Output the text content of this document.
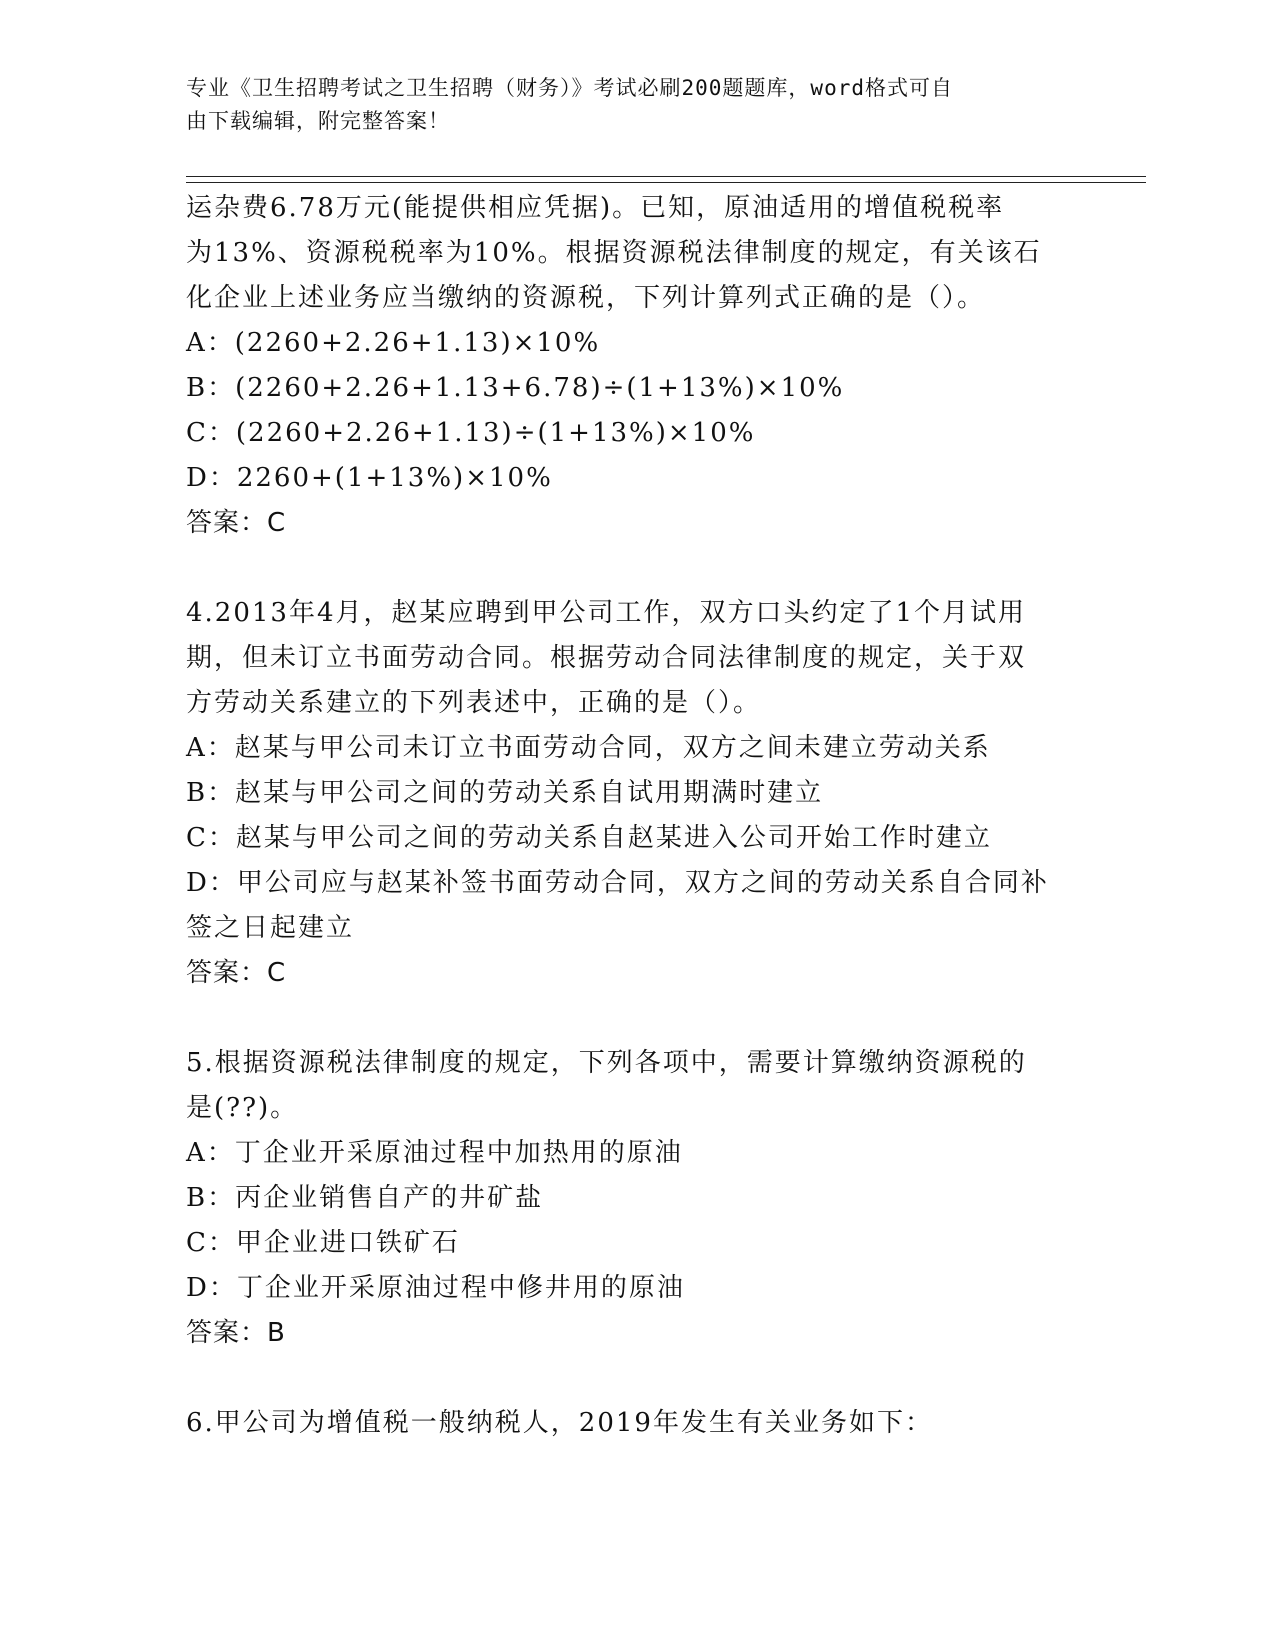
专业《卫生招聘考试之卫生招聘（财务）》考试必刷200题题库，word格式可自
由下载编辑，附完整答案！
运杂费6.78万元(能提供相应凭据)。已知，原油适用的增值税税率
为13%、资源税税率为10%。根据资源税法律制度的规定，有关该石
化企业上述业务应当缴纳的资源税，下列计算列式正确的是（）。
A：(2260+2.26+1.13)×10%
B：(2260+2.26+1.13+6.78)÷(1+13%)×10%
C：(2260+2.26+1.13)÷(1+13%)×10%
D：2260+(1+13%)×10%
答案：C
4.2013年4月，赵某应聘到甲公司工作，双方口头约定了1个月试用
期，但未订立书面劳动合同。根据劳动合同法律制度的规定，关于双
方劳动关系建立的下列表述中，正确的是（）。
A：赵某与甲公司未订立书面劳动合同，双方之间未建立劳动关系
B：赵某与甲公司之间的劳动关系自试用期满时建立
C：赵某与甲公司之间的劳动关系自赵某进入公司开始工作时建立
D：甲公司应与赵某补签书面劳动合同，双方之间的劳动关系自合同补
签之日起建立
答案：C
5.根据资源税法律制度的规定，下列各项中，需要计算缴纳资源税的
是(??)。
A：丁企业开采原油过程中加热用的原油
B：丙企业销售自产的井矿盐
C：甲企业进口铁矿石
D：丁企业开采原油过程中修井用的原油
答案：B
6.甲公司为增值税一般纳税人，2019年发生有关业务如下：
